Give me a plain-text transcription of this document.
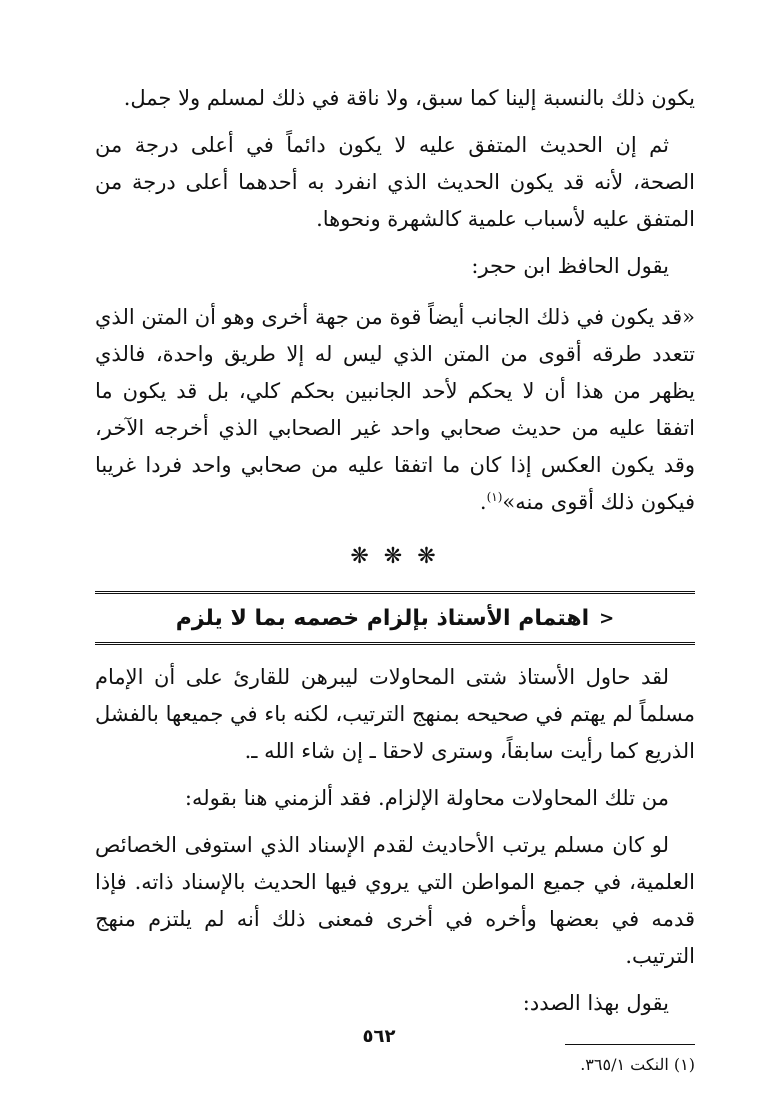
يكون ذلك بالنسبة إلينا كما سبق، ولا ناقة في ذلك لمسلم ولا جمل.

ثم إن الحديث المتفق عليه لا يكون دائماً في أعلى درجة من الصحة، لأنه قد يكون الحديث الذي انفرد به أحدهما أعلى درجة من المتفق عليه لأسباب علمية كالشهرة ونحوها.

يقول الحافظ ابن حجر:

«قد يكون في ذلك الجانب أيضاً قوة من جهة أخرى وهو أن المتن الذي تتعدد طرقه أقوى من المتن الذي ليس له إلا طريق واحدة، فالذي يظهر من هذا أن لا يحكم لأحد الجانبين بحكم كلي، بل قد يكون ما اتفقا عليه من حديث صحابي واحد غير الصحابي الذي أخرجه الآخر، وقد يكون العكس إذا كان ما اتفقا عليه من صحابي واحد فردا غريبا فيكون ذلك أقوى منه»$^{(١)}$.

❋ ❋ ❋
<
اهتمام الأستاذ بإلزام خصمه بما لا يلزم

لقد حاول الأستاذ شتى المحاولات ليبرهن للقارئ على أن الإمام مسلماً لم يهتم في صحيحه بمنهج الترتيب، لكنه باء في جميعها بالفشل الذريع كما رأيت سابقاً، وسترى لاحقا ـ إن شاء الله ـ.

من تلك المحاولات محاولة الإلزام. فقد ألزمني هنا بقوله:

لو كان مسلم يرتب الأحاديث لقدم الإسناد الذي استوفى الخصائص العلمية، في جميع المواطن التي يروي فيها الحديث بالإسناد ذاته. فإذا قدمه في بعضها وأخره في أخرى فمعنى ذلك أنه لم يلتزم منهج الترتيب.

يقول بهذا الصدد:

(١) النكت ٣٦٥/١.

٥٦٢
